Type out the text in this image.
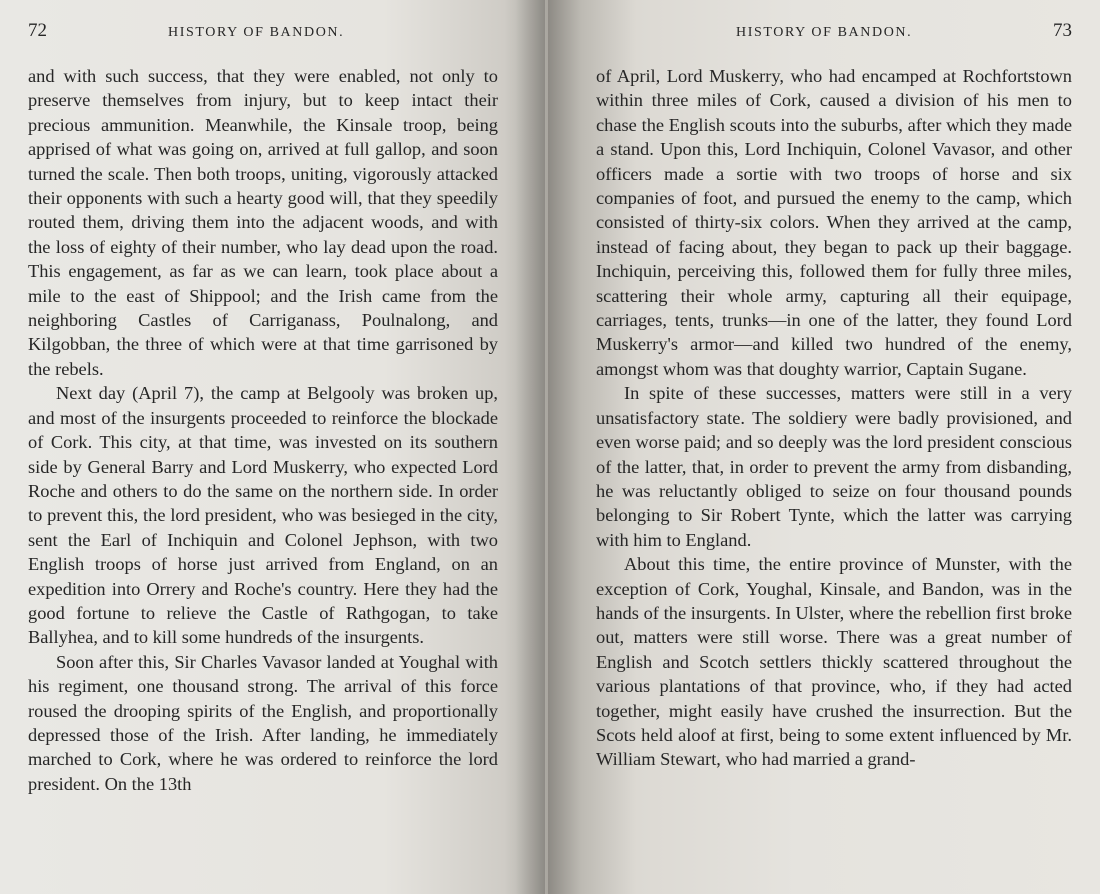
72	HISTORY OF BANDON.

and with such success, that they were enabled, not only to preserve themselves from injury, but to keep intact their precious ammunition. Meanwhile, the Kinsale troop, being apprised of what was going on, arrived at full gallop, and soon turned the scale. Then both troops, uniting, vigorously attacked their opponents with such a hearty good will, that they speedily routed them, driving them into the adjacent woods, and with the loss of eighty of their number, who lay dead upon the road. This engagement, as far as we can learn, took place about a mile to the east of Shippool; and the Irish came from the neighboring Castles of Carriganass, Poulnalong, and Kilgobban, the three of which were at that time garrisoned by the rebels.

Next day (April 7), the camp at Belgooly was broken up, and most of the insurgents proceeded to reinforce the blockade of Cork. This city, at that time, was invested on its southern side by General Barry and Lord Muskerry, who expected Lord Roche and others to do the same on the northern side. In order to prevent this, the lord president, who was besieged in the city, sent the Earl of Inchiquin and Colonel Jephson, with two English troops of horse just arrived from England, on an expedition into Orrery and Roche's country. Here they had the good fortune to relieve the Castle of Rathgogan, to take Ballyhea, and to kill some hundreds of the insurgents.

Soon after this, Sir Charles Vavasor landed at Youghal with his regiment, one thousand strong. The arrival of this force roused the drooping spirits of the English, and proportionally depressed those of the Irish. After landing, he immediately marched to Cork, where he was ordered to reinforce the lord president. On the 13th

HISTORY OF BANDON.	73

of April, Lord Muskerry, who had encamped at Rochfortstown within three miles of Cork, caused a division of his men to chase the English scouts into the suburbs, after which they made a stand. Upon this, Lord Inchiquin, Colonel Vavasor, and other officers made a sortie with two troops of horse and six companies of foot, and pursued the enemy to the camp, which consisted of thirty-six colors. When they arrived at the camp, instead of facing about, they began to pack up their baggage. Inchiquin, perceiving this, followed them for fully three miles, scattering their whole army, capturing all their equipage, carriages, tents, trunks—in one of the latter, they found Lord Muskerry's armor—and killed two hundred of the enemy, amongst whom was that doughty warrior, Captain Sugane.

In spite of these successes, matters were still in a very unsatisfactory state. The soldiery were badly provisioned, and even worse paid; and so deeply was the lord president conscious of the latter, that, in order to prevent the army from disbanding, he was reluctantly obliged to seize on four thousand pounds belonging to Sir Robert Tynte, which the latter was carrying with him to England.

About this time, the entire province of Munster, with the exception of Cork, Youghal, Kinsale, and Bandon, was in the hands of the insurgents. In Ulster, where the rebellion first broke out, matters were still worse. There was a great number of English and Scotch settlers thickly scattered throughout the various plantations of that province, who, if they had acted together, might easily have crushed the insurrection. But the Scots held aloof at first, being to some extent influenced by Mr. William Stewart, who had married a grand-
